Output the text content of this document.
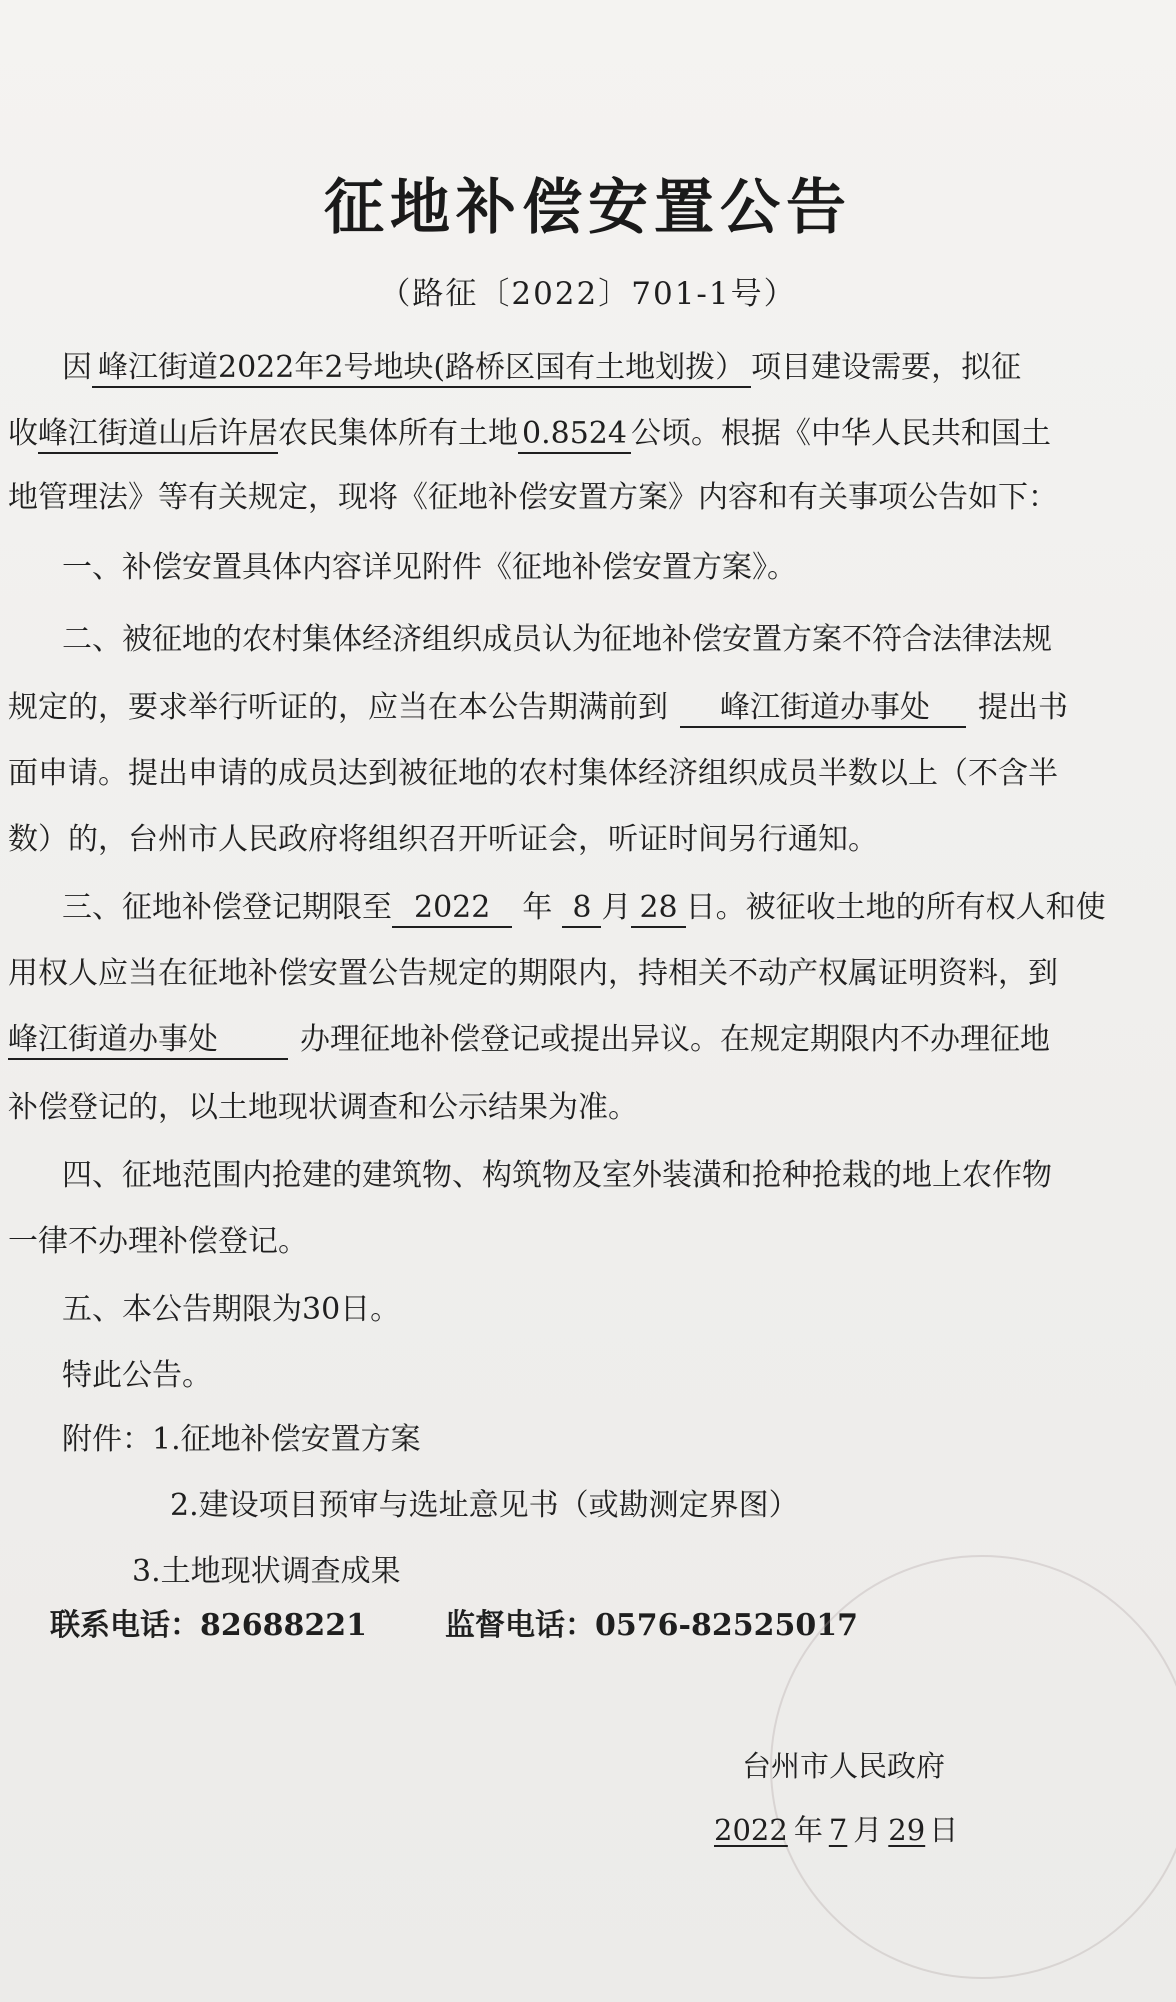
征地补偿安置公告
（路征〔2022〕701-1号）
因 峰江街道2022年2号地块(路桥区国有土地划拨） 项目建设需要，拟征
收峰江街道山后许居农民集体所有土地 0.8524 公顷。根据《中华人民共和国土
地管理法》等有关规定，现将《征地补偿安置方案》内容和有关事项公告如下：
一、补偿安置具体内容详见附件《征地补偿安置方案》。
二、被征地的农村集体经济组织成员认为征地补偿安置方案不符合法律法规
规定的，要求举行听证的，应当在本公告期满前到 峰江街道办事处 提出书
面申请。提出申请的成员达到被征地的农村集体经济组织成员半数以上（不含半
数）的，台州市人民政府将组织召开听证会，听证时间另行通知。
三、征地补偿登记期限至 2022 年 8 月 28 日。被征收土地的所有权人和使
用权人应当在征地补偿安置公告规定的期限内，持相关不动产权属证明资料，到
峰江街道办事处	办理征地补偿登记或提出异议。在规定期限内不办理征地
补偿登记的，以土地现状调查和公示结果为准。
四、征地范围内抢建的建筑物、构筑物及室外装潢和抢种抢栽的地上农作物
一律不办理补偿登记。
五、本公告期限为30日。
特此公告。
附件：1.征地补偿安置方案
2.建设项目预审与选址意见书（或勘测定界图）
3.土地现状调查成果
联系电话：82688221	监督电话：0576-82525017
台州市人民政府
2022 年 7 月 29 日
